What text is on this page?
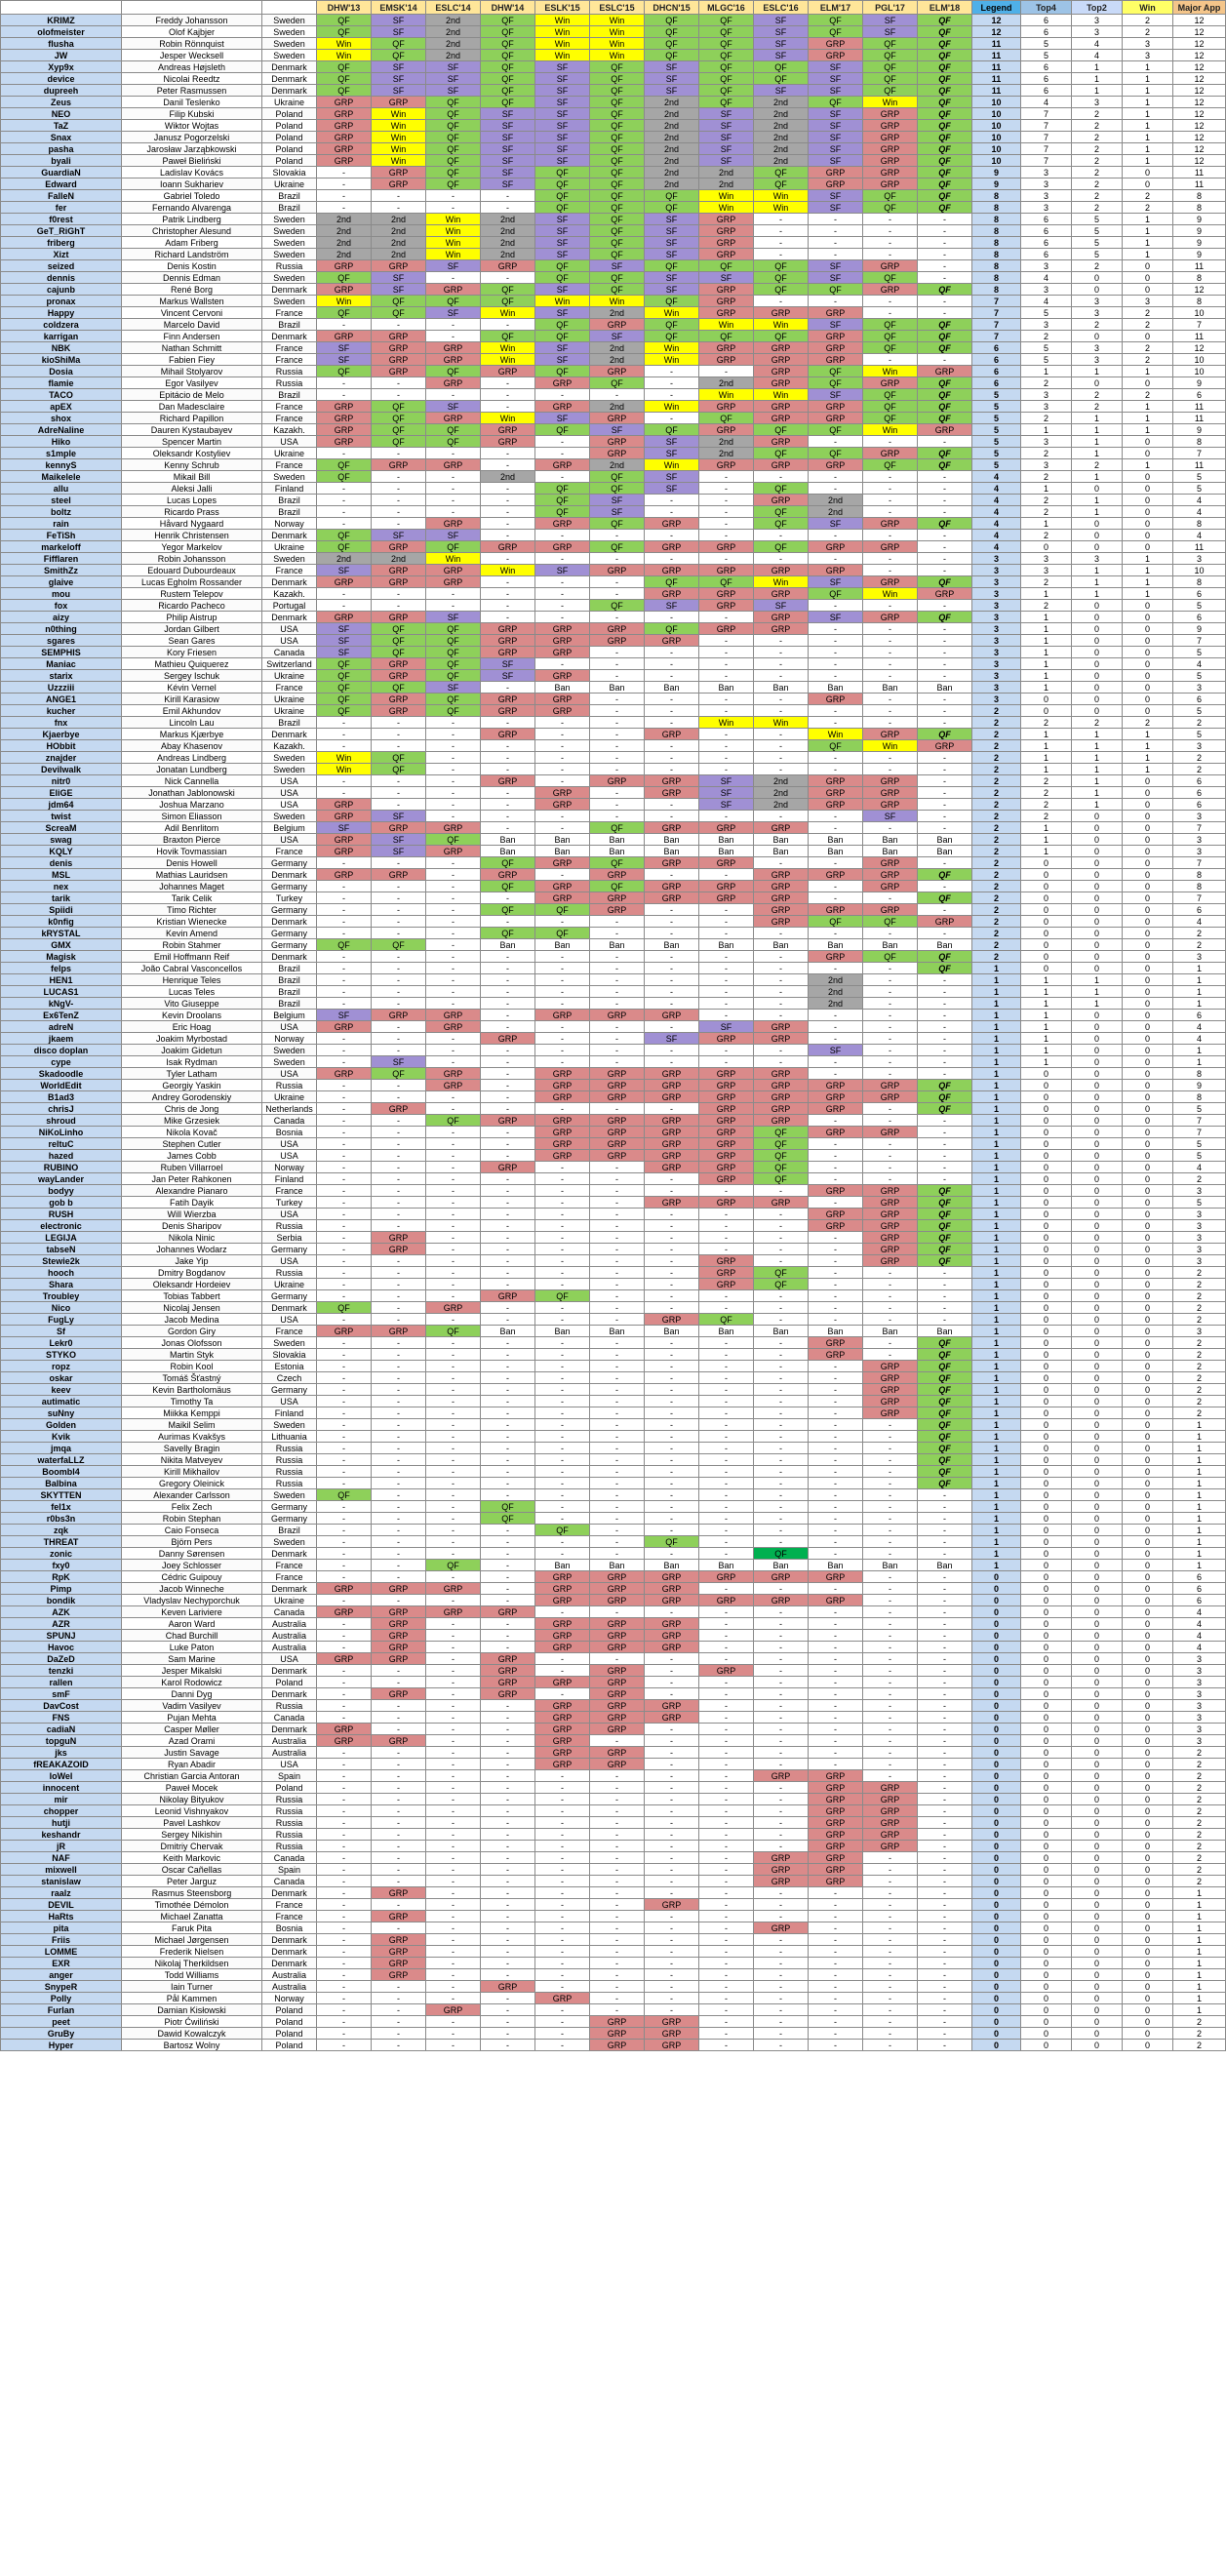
			DHW'13	EMSK'14	ESLC'14	DHW'14	ESLK'15	ESLC'15	DHCN'15	MLGC'16	ESLC'16	ELM'17	PGL'17	ELM'18	Legend	Top4	Top2	Win	Major App
KRIMZ	Freddy Johansson	Sweden	QF	SF	2nd	QF	Win	Win	QF	QF	SF	QF	SF	QF	12	6	3	2	12
olofmeister	Olof Kajbjer	Sweden	QF	SF	2nd	QF	Win	Win	QF	QF	SF	QF	SF	QF	12	6	3	2	12
flusha	Robin Rönnquist	Sweden	Win	QF	2nd	QF	Win	Win	QF	QF	SF	GRP	QF	QF	11	5	4	3	12
JW	Jesper Wecksell	Sweden	Win	QF	2nd	QF	Win	Win	QF	QF	SF	GRP	QF	QF	11	5	4	3	12
Xyp9x	Andreas Højsleth	Denmark	QF	SF	SF	QF	SF	QF	SF	QF	QF	SF	QF	QF	11	6	1	1	12
device	Nicolai Reedtz	Denmark	QF	SF	SF	QF	SF	QF	SF	QF	QF	SF	QF	QF	11	6	1	1	12
dupreeh	Peter Rasmussen	Denmark	QF	SF	SF	QF	SF	QF	SF	QF	SF	SF	QF	QF	11	6	1	1	12
Zeus	Danil Teslenko	Ukraine	GRP	GRP	QF	QF	SF	QF	2nd	QF	2nd	QF	Win	QF	10	4	3	1	12
NEO	Filip Kubski	Poland	GRP	Win	QF	SF	SF	QF	2nd	SF	2nd	SF	GRP	QF	10	7	2	1	12
TaZ	Wiktor Wojtas	Poland	GRP	Win	QF	SF	SF	QF	2nd	SF	2nd	SF	GRP	QF	10	7	2	1	12
Snax	Janusz Pogorzelski	Poland	GRP	Win	QF	SF	SF	QF	2nd	SF	2nd	SF	GRP	QF	10	7	2	1	12
pasha	Jarosław Jarząbkowski	Poland	GRP	Win	QF	SF	SF	QF	2nd	SF	2nd	SF	GRP	QF	10	7	2	1	12
byali	Paweł Bieliński	Poland	GRP	Win	QF	SF	SF	QF	2nd	SF	2nd	SF	GRP	QF	10	7	2	1	12
GuardiaN	Ladislav Kovács	Slovakia	-	GRP	QF	SF	QF	QF	2nd	2nd	QF	GRP	GRP	QF	9	3	2	0	11
Edward	Ioann Sukhariev	Ukraine	-	GRP	QF	SF	QF	QF	2nd	2nd	QF	GRP	GRP	QF	9	3	2	0	11
FalleN	Gabriel Toledo	Brazil	-	-	-	-	QF	QF	QF	Win	Win	SF	QF	QF	8	3	2	2	8
fer	Fernando Alvarenga	Brazil	-	-	-	-	QF	QF	QF	Win	Win	SF	QF	QF	8	3	2	2	8
f0rest	Patrik Lindberg	Sweden	2nd	2nd	Win	2nd	SF	QF	SF	GRP	-	-	-	-	8	6	5	1	9
GeT_RiGhT	Christopher Alesund	Sweden	2nd	2nd	Win	2nd	SF	QF	SF	GRP	-	-	-	-	8	6	5	1	9
friberg	Adam Friberg	Sweden	2nd	2nd	Win	2nd	SF	QF	SF	GRP	-	-	-	-	8	6	5	1	9
Xizt	Richard Landström	Sweden	2nd	2nd	Win	2nd	SF	QF	SF	GRP	-	-	-	-	8	6	5	1	9
seized	Denis Kostin	Russia	GRP	GRP	SF	GRP	QF	SF	QF	QF	QF	SF	GRP	-	8	3	2	0	11
dennis	Dennis Edman	Sweden	QF	SF	-	-	QF	QF	SF	SF	QF	SF	QF	-	8	4	0	0	8
cajunb	René Borg	Denmark	GRP	SF	GRP	QF	SF	QF	SF	GRP	QF	QF	GRP	QF	8	3	0	0	12
pronax	Markus Wallsten	Sweden	Win	QF	QF	QF	Win	Win	QF	GRP	-	-	-	-	7	4	3	3	8
Happy	Vincent Cervoni	France	QF	QF	SF	Win	SF	2nd	Win	GRP	GRP	GRP	-	-	7	5	3	2	10
coldzera	Marcelo David	Brazil	-	-	-	-	QF	GRP	QF	Win	Win	SF	QF	QF	7	3	2	2	7
karrigan	Finn Andersen	Denmark	GRP	GRP	-	QF	QF	SF	QF	QF	QF	GRP	QF	QF	7	2	0	0	11
NBK	Nathan Schmitt	France	SF	GRP	GRP	Win	SF	2nd	Win	GRP	GRP	GRP	QF	QF	6	5	3	2	12
kioShiMa	Fabien Fiey	France	SF	GRP	GRP	Win	SF	2nd	Win	GRP	GRP	GRP	-	-	6	5	3	2	10
Dosia	Mihail Stolyarov	Russia	QF	GRP	QF	GRP	QF	GRP	-	-	GRP	QF	Win	GRP	6	1	1	1	10
flamie	Egor Vasilyev	Russia	-	-	GRP	-	GRP	QF	-	2nd	GRP	QF	GRP	QF	6	2	0	0	9
TACO	Epitácio de Melo	Brazil	-	-	-	-	-	-	-	Win	Win	SF	QF	QF	5	3	2	2	6
apEX	Dan Madesclaire	France	GRP	QF	SF	-	GRP	2nd	Win	GRP	GRP	GRP	QF	QF	5	3	2	1	11
shox	Richard Papillon	France	GRP	QF	GRP	Win	SF	GRP	-	QF	GRP	GRP	QF	QF	5	2	1	1	11
AdreNaline	Dauren Kystaubayev	Kazakh.	GRP	QF	QF	GRP	QF	SF	QF	GRP	QF	QF	Win	GRP	5	1	1	1	9
Hiko	Spencer Martin	USA	GRP	QF	QF	GRP	-	GRP	SF	2nd	GRP	-	-	-	5	3	1	0	8
s1mple	Oleksandr Kostyliev	Ukraine	-	-	-	-	-	GRP	SF	2nd	QF	QF	GRP	QF	5	2	1	0	7
kennyS	Kenny Schrub	France	QF	GRP	GRP	-	GRP	2nd	Win	GRP	GRP	GRP	QF	QF	5	3	2	1	11
Maikelele	Mikail Bill	Sweden	QF	-	-	2nd	-	QF	SF	-	-	-	-	-	4	2	1	0	5
allu	Aleksi Jalli	Finland	-	-	-	-	QF	QF	SF	-	QF	-	-	-	4	1	0	0	5
steel	Lucas Lopes	Brazil	-	-	-	-	QF	SF	-	-	GRP	2nd	-	-	4	2	1	0	4
boltz	Ricardo Prass	Brazil	-	-	-	-	QF	SF	-	-	QF	2nd	-	-	4	2	1	0	4
rain	Håvard Nygaard	Norway	-	-	GRP	-	GRP	QF	GRP	-	QF	SF	GRP	QF	4	1	0	0	8
FeTiSh	Henrik Christensen	Denmark	QF	SF	SF	-	-	-	-	-	-	-	-	-	4	2	0	0	4
markeloff	Yegor Markelov	Ukraine	QF	GRP	QF	GRP	GRP	QF	GRP	GRP	QF	GRP	GRP	-	4	0	0	0	11
Fifflaren	Robin Johansson	Sweden	2nd	2nd	Win	-	-	-	-	-	-	-	-	-	3	3	3	1	3
SmithZz	Edouard Dubourdeaux	France	SF	GRP	GRP	Win	SF	GRP	GRP	GRP	GRP	GRP	-	-	3	3	1	1	10
glaive	Lucas Egholm Rossander	Denmark	GRP	GRP	GRP	-	-	-	QF	QF	Win	SF	GRP	QF	3	2	1	1	8
mou	Rustem Telepov	Kazakh.	-	-	-	-	-	-	GRP	GRP	GRP	QF	Win	GRP	3	1	1	1	6
fox	Ricardo Pacheco	Portugal	-	-	-	-	-	QF	SF	GRP	SF	-	-	-	3	2	0	0	5
aizy	Philip Aistrup	Denmark	GRP	GRP	SF	-	-	-	-	-	GRP	SF	GRP	QF	3	1	0	0	6
n0thing	Jordan Gilbert	USA	SF	QF	QF	GRP	GRP	GRP	QF	GRP	GRP	-	-	-	3	1	0	0	9
sgares	Sean Gares	USA	SF	QF	QF	GRP	GRP	GRP	GRP	-	-	-	-	-	3	1	0	0	7
SEMPHIS	Kory Friesen	Canada	SF	QF	QF	GRP	GRP	-	-	-	-	-	-	-	3	1	0	0	5
Maniac	Mathieu Quiquerez	Switzerland	QF	GRP	QF	SF	-	-	-	-	-	-	-	-	3	1	0	0	4
starix	Sergey Ischuk	Ukraine	QF	GRP	QF	SF	GRP	-	-	-	-	-	-	-	3	1	0	0	5
Uzzziii	Kévin Vernel	France	QF	QF	SF	-	Ban	Ban	Ban	Ban	Ban	Ban	Ban	Ban	3	1	0	0	3
ANGE1	Kirill Karasiow	Ukraine	QF	GRP	QF	GRP	GRP	-	-	-	-	GRP	-	-	3	0	0	0	6
kucher	Emil Akhundov	Ukraine	QF	GRP	QF	GRP	GRP	-	-	-	-	-	-	-	2	0	0	0	5
fnx	Lincoln Lau	Brazil	-	-	-	-	-	-	-	Win	Win	-	-	-	2	2	2	2	2
Kjaerbye	Markus Kjærbye	Denmark	-	-	-	GRP	-	-	GRP	-	-	Win	GRP	QF	2	1	1	1	5
HObbit	Abay Khasenov	Kazakh.	-	-	-	-	-	-	-	-	-	QF	Win	GRP	2	1	1	1	3
znajder	Andreas Lindberg	Sweden	Win	QF	-	-	-	-	-	-	-	-	-	-	2	1	1	1	2
Devilwalk	Jonatan Lundberg	Sweden	Win	QF	-	-	-	-	-	-	-	-	-	-	2	1	1	1	2
nitr0	Nick Cannella	USA	-	-	-	GRP	-	GRP	GRP	SF	2nd	GRP	GRP	-	2	2	1	0	6
EliGE	Jonathan Jablonowski	USA	-	-	-	-	GRP	-	GRP	SF	2nd	GRP	GRP	-	2	2	1	0	6
jdm64	Joshua Marzano	USA	GRP	-	-	-	GRP	-	-	SF	2nd	GRP	GRP	-	2	2	1	0	6
twist	Simon Eliasson	Sweden	GRP	SF	-	-	-	-	-	-	-	-	SF	-	2	2	0	0	3
ScreaM	Adil Benrlitom	Belgium	SF	GRP	GRP	-	-	QF	GRP	GRP	GRP	-	-	-	2	1	0	0	7
swag	Braxton Pierce	USA	GRP	SF	QF	Ban	Ban	Ban	Ban	Ban	Ban	Ban	Ban	Ban	2	1	0	0	3
KQLY	Hovik Tovmassian	France	GRP	SF	GRP	Ban	Ban	Ban	Ban	Ban	Ban	Ban	Ban	Ban	2	1	0	0	3
denis	Denis Howell	Germany	-	-	-	QF	GRP	QF	GRP	GRP	-	-	GRP	-	2	0	0	0	7
MSL	Mathias Lauridsen	Denmark	GRP	GRP	-	GRP	-	GRP	-	-	GRP	GRP	GRP	QF	2	0	0	0	8
nex	Johannes Maget	Germany	-	-	-	QF	GRP	QF	GRP	GRP	GRP	-	GRP	-	2	0	0	0	8
tarik	Tarik Celik	Turkey	-	-	-	-	GRP	GRP	GRP	GRP	GRP	-	-	QF	2	0	0	0	7
Spiidi	Timo Richter	Germany	-	-	-	QF	QF	GRP	-	-	GRP	GRP	GRP	-	2	0	0	0	6
k0nfig	Kristian Wienecke	Denmark	-	-	-	-	-	-	-	-	GRP	QF	QF	GRP	2	0	0	0	4
kRYSTAL	Kevin Amend	Germany	-	-	-	QF	QF	-	-	-	-	-	-	-	2	0	0	0	2
GMX	Robin Stahmer	Germany	QF	QF	-	Ban	Ban	Ban	Ban	Ban	Ban	Ban	Ban	Ban	2	0	0	0	2
Magisk	Emil Hoffmann Reif	Denmark	-	-	-	-	-	-	-	-	-	GRP	QF	QF	2	0	0	0	3
felps	João Cabral Vasconcellos	Brazil	-	-	-	-	-	-	-	-	-	-	-	QF	1	0	0	0	1
HEN1	Henrique Teles	Brazil	-	-	-	-	-	-	-	-	-	2nd	-	-	1	1	1	0	1
LUCAS1	Lucas Teles	Brazil	-	-	-	-	-	-	-	-	-	2nd	-	-	1	1	1	0	1
kNgV-	Vito Giuseppe	Brazil	-	-	-	-	-	-	-	-	-	2nd	-	-	1	1	1	0	1
Ex6TenZ	Kevin Droolans	Belgium	SF	GRP	GRP	-	GRP	GRP	GRP	-	-	-	-	-	1	1	0	0	6
adreN	Eric Hoag	USA	GRP	-	GRP	-	-	-	-	SF	GRP	-	-	-	1	1	0	0	4
jkaem	Joakim Myrbostad	Norway	-	-	-	GRP	-	-	SF	GRP	GRP	-	-	-	1	1	0	0	4
disco doplan	Joakim Gidetun	Sweden	-	-	-	-	-	-	-	-	-	SF	-	-	1	1	0	0	1
cype	Isak Rydman	Sweden	-	SF	-	-	-	-	-	-	-	-	-	-	1	1	0	0	1
Skadoodle	Tyler Latham	USA	GRP	QF	GRP	-	GRP	GRP	GRP	GRP	GRP	-	-	-	1	0	0	0	8
WorldEdit	Georgiy Yaskin	Russia	-	-	GRP	-	GRP	GRP	GRP	GRP	GRP	GRP	GRP	QF	1	0	0	0	9
B1ad3	Andrey Gorodenskiy	Ukraine	-	-	-	-	GRP	GRP	GRP	GRP	GRP	GRP	GRP	QF	1	0	0	0	8
chrisJ	Chris de Jong	Netherlands	-	GRP	-	-	-	-	-	GRP	GRP	GRP	-	QF	1	0	0	0	5
shroud	Mike Grzesiek	Canada	-	-	QF	GRP	GRP	GRP	GRP	GRP	GRP	-	-	-	1	0	0	0	7
NiKoLinho	Nikola Kovač	Bosnia	-	-	-	-	GRP	GRP	GRP	GRP	QF	GRP	GRP	-	1	0	0	0	7
reltuC	Stephen Cutler	USA	-	-	-	-	GRP	GRP	GRP	GRP	QF	-	-	-	1	0	0	0	5
hazed	James Cobb	USA	-	-	-	-	GRP	GRP	GRP	GRP	QF	-	-	-	1	0	0	0	5
RUBINO	Ruben Villarroel	Norway	-	-	-	GRP	-	-	GRP	GRP	QF	-	-	-	1	0	0	0	4
wayLander	Jan Peter Rahkonen	Finland	-	-	-	-	-	-	-	GRP	QF	-	-	-	1	0	0	0	2
bodyy	Alexandre Pianaro	France	-	-	-	-	-	-	-	-	-	GRP	GRP	QF	1	0	0	0	3
gob b	Fatih Dayik	Turkey	-	-	-	-	-	-	GRP	GRP	GRP	-	GRP	QF	1	0	0	0	5
RUSH	Will Wierzba	USA	-	-	-	-	-	-	-	-	-	GRP	GRP	QF	1	0	0	0	3
electronic	Denis Sharipov	Russia	-	-	-	-	-	-	-	-	-	GRP	GRP	QF	1	0	0	0	3
LEGIJA	Nikola Ninic	Serbia	-	GRP	-	-	-	-	-	-	-	-	GRP	QF	1	0	0	0	3
tabseN	Johannes Wodarz	Germany	-	GRP	-	-	-	-	-	-	-	-	GRP	QF	1	0	0	0	3
Stewie2k	Jake Yip	USA	-	-	-	-	-	-	-	GRP	-	-	GRP	QF	1	0	0	0	3
hooch	Dmitry Bogdanov	Russia	-	-	-	-	-	-	-	GRP	QF	-	-	-	1	0	0	0	2
Shara	Oleksandr Hordeiev	Ukraine	-	-	-	-	-	-	-	GRP	QF	-	-	-	1	0	0	0	2
Troubley	Tobias Tabbert	Germany	-	-	-	GRP	QF	-	-	-	-	-	-	-	1	0	0	0	2
Nico	Nicolaj Jensen	Denmark	QF	-	GRP	-	-	-	-	-	-	-	-	-	1	0	0	0	2
FugLy	Jacob Medina	USA	-	-	-	-	-	-	GRP	QF	-	-	-	-	1	0	0	0	2
Sf	Gordon Giry	France	GRP	GRP	QF	Ban	Ban	Ban	Ban	Ban	Ban	Ban	Ban	Ban	1	0	0	0	3
Lekr0	Jonas Olofsson	Sweden	-	-	-	-	-	-	-	-	-	GRP	-	QF	1	0	0	0	2
STYKO	Martin Styk	Slovakia	-	-	-	-	-	-	-	-	-	GRP	-	QF	1	0	0	0	2
ropz	Robin Kool	Estonia	-	-	-	-	-	-	-	-	-	-	GRP	QF	1	0	0	0	2
oskar	Tomáš Šťastný	Czech	-	-	-	-	-	-	-	-	-	-	GRP	QF	1	0	0	0	2
keev	Kevin Bartholomäus	Germany	-	-	-	-	-	-	-	-	-	-	GRP	QF	1	0	0	0	2
autimatic	Timothy Ta	USA	-	-	-	-	-	-	-	-	-	-	GRP	QF	1	0	0	0	2
suNny	Miikka Kemppi	Finland	-	-	-	-	-	-	-	-	-	-	GRP	QF	1	0	0	0	2
Golden	Maikil Selim	Sweden	-	-	-	-	-	-	-	-	-	-	-	QF	1	0	0	0	1
Kvik	Aurimas Kvakšys	Lithuania	-	-	-	-	-	-	-	-	-	-	-	QF	1	0	0	0	1
jmqa	Savelly Bragin	Russia	-	-	-	-	-	-	-	-	-	-	-	QF	1	0	0	0	1
waterfaLLZ	Nikita Matveyev	Russia	-	-	-	-	-	-	-	-	-	-	-	QF	1	0	0	0	1
Boombl4	Kirill Mikhailov	Russia	-	-	-	-	-	-	-	-	-	-	-	QF	1	0	0	0	1
Balbina	Gregory Oleinick	Russia	-	-	-	-	-	-	-	-	-	-	-	QF	1	0	0	0	1
SKYTTEN	Alexander Carlsson	Sweden	QF	-	-	-	-	-	-	-	-	-	-	-	1	0	0	0	1
fel1x	Felix Zech	Germany	-	-	-	QF	-	-	-	-	-	-	-	-	1	0	0	0	1
r0bs3n	Robin Stephan	Germany	-	-	-	QF	-	-	-	-	-	-	-	-	1	0	0	0	1
zqk	Caio Fonseca	Brazil	-	-	-	-	QF	-	-	-	-	-	-	-	1	0	0	0	1
THREAT	Björn Pers	Sweden	-	-	-	-	-	-	QF	-	-	-	-	-	1	0	0	0	1
zonic	Danny Sørensen	Denmark	-	-	-	-	-	-	-	-	QF	-	-	-	1	0	0	0	1
fxy0	Joey Schlosser	France	-	-	QF	-	Ban	Ban	Ban	Ban	Ban	Ban	Ban	Ban	1	0	0	0	1
RpK	Cédric Guipouy	France	-	-	-	-	GRP	GRP	GRP	GRP	GRP	GRP	-	-	0	0	0	0	6
Pimp	Jacob Winneche	Denmark	GRP	GRP	GRP	-	GRP	GRP	GRP	-	-	-	-	-	0	0	0	0	6
bondik	Vladyslav Nechyporchuk	Ukraine	-	-	-	-	GRP	GRP	GRP	GRP	GRP	GRP	-	-	0	0	0	0	6
AZK	Keven Lariviere	Canada	GRP	GRP	GRP	GRP	-	-	-	-	-	-	-	-	0	0	0	0	4
AZR	Aaron Ward	Australia	-	GRP	-	-	GRP	GRP	GRP	-	-	-	-	-	0	0	0	0	4
SPUNJ	Chad Burchill	Australia	-	GRP	-	-	GRP	GRP	GRP	-	-	-	-	-	0	0	0	0	4
Havoc	Luke Paton	Australia	-	GRP	-	-	GRP	GRP	GRP	-	-	-	-	-	0	0	0	0	4
DaZeD	Sam Marine	USA	GRP	GRP	-	GRP	-	-	-	-	-	-	-	-	0	0	0	0	3
tenzki	Jesper Mikalski	Denmark	-	-	-	GRP	-	GRP	-	GRP	-	-	-	-	0	0	0	0	3
rallen	Karol Rodowicz	Poland	-	-	-	GRP	GRP	GRP	-	-	-	-	-	-	0	0	0	0	3
smF	Danni Dyg	Denmark	-	GRP	-	GRP	-	GRP	-	-	-	-	-	-	0	0	0	0	3
DavCost	Vadim Vasilyev	Russia	-	-	-	-	GRP	GRP	GRP	-	-	-	-	-	0	0	0	0	3
FNS	Pujan Mehta	Canada	-	-	-	-	GRP	GRP	GRP	-	-	-	-	-	0	0	0	0	3
cadiaN	Casper Møller	Denmark	GRP	-	-	-	GRP	GRP	-	-	-	-	-	-	0	0	0	0	3
topguN	Azad Orami	Australia	GRP	GRP	-	-	GRP	-	-	-	-	-	-	-	0	0	0	0	3
jks	Justin Savage	Australia	-	-	-	-	GRP	GRP	-	-	-	-	-	-	0	0	0	0	2
fREAKAZOID	Ryan Abadir	USA	-	-	-	-	GRP	GRP	-	-	-	-	-	-	0	0	0	0	2
loWel	Christian Garcia Antoran	Spain	-	-	-	-	-	-	-	-	GRP	GRP	-	-	0	0	0	0	2
innocent	Paweł Mocek	Poland	-	-	-	-	-	-	-	-	-	GRP	GRP	-	0	0	0	0	2
mir	Nikolay Bityukov	Russia	-	-	-	-	-	-	-	-	-	GRP	GRP	-	0	0	0	0	2
chopper	Leonid Vishnyakov	Russia	-	-	-	-	-	-	-	-	-	GRP	GRP	-	0	0	0	0	2
hutji	Pavel Lashkov	Russia	-	-	-	-	-	-	-	-	-	GRP	GRP	-	0	0	0	0	2
keshandr	Sergey Nikishin	Russia	-	-	-	-	-	-	-	-	-	GRP	GRP	-	0	0	0	0	2
jR	Dmitriy Chervak	Russia	-	-	-	-	-	-	-	-	-	GRP	GRP	-	0	0	0	0	2
NAF	Keith Markovic	Canada	-	-	-	-	-	-	-	-	GRP	GRP	-	-	0	0	0	0	2
mixwell	Oscar Cañellas	Spain	-	-	-	-	-	-	-	-	GRP	GRP	-	-	0	0	0	0	2
stanislaw	Peter Jarguz	Canada	-	-	-	-	-	-	-	-	GRP	GRP	-	-	0	0	0	0	2
raalz	Rasmus Steensborg	Denmark	-	GRP	-	-	-	-	-	-	-	-	-	-	0	0	0	0	1
DEVIL	Timothée Démolon	France	-	-	-	-	-	-	GRP	-	-	-	-	-	0	0	0	0	1
HaRts	Michael Zanatta	France	-	GRP	-	-	-	-	-	-	-	-	-	-	0	0	0	0	1
pita	Faruk Pita	Bosnia	-	-	-	-	-	-	-	-	GRP	-	-	-	0	0	0	0	1
Friis	Michael Jørgensen	Denmark	-	GRP	-	-	-	-	-	-	-	-	-	-	0	0	0	0	1
LOMME	Frederik Nielsen	Denmark	-	GRP	-	-	-	-	-	-	-	-	-	-	0	0	0	0	1
EXR	Nikolaj Therkildsen	Denmark	-	GRP	-	-	-	-	-	-	-	-	-	-	0	0	0	0	1
anger	Todd Williams	Australia	-	GRP	-	-	-	-	-	-	-	-	-	-	0	0	0	0	1
SnypeR	Iain Turner	Australia	-	-	-	GRP	-	-	-	-	-	-	-	-	0	0	0	0	1
Polly	Pål Kammen	Norway	-	-	-	-	GRP	-	-	-	-	-	-	-	0	0	0	0	1
Furlan	Damian Kisłowski	Poland	-	-	GRP	-	-	-	-	-	-	-	-	-	0	0	0	0	1
peet	Piotr Ćwiliński	Poland	-	-	-	-	-	GRP	GRP	-	-	-	-	-	0	0	0	0	2
GruBy	Dawid Kowalczyk	Poland	-	-	-	-	-	GRP	GRP	-	-	-	-	-	0	0	0	0	2
Hyper	Bartosz Wolny	Poland	-	-	-	-	-	GRP	GRP	-	-	-	-	-	0	0	0	0	2
